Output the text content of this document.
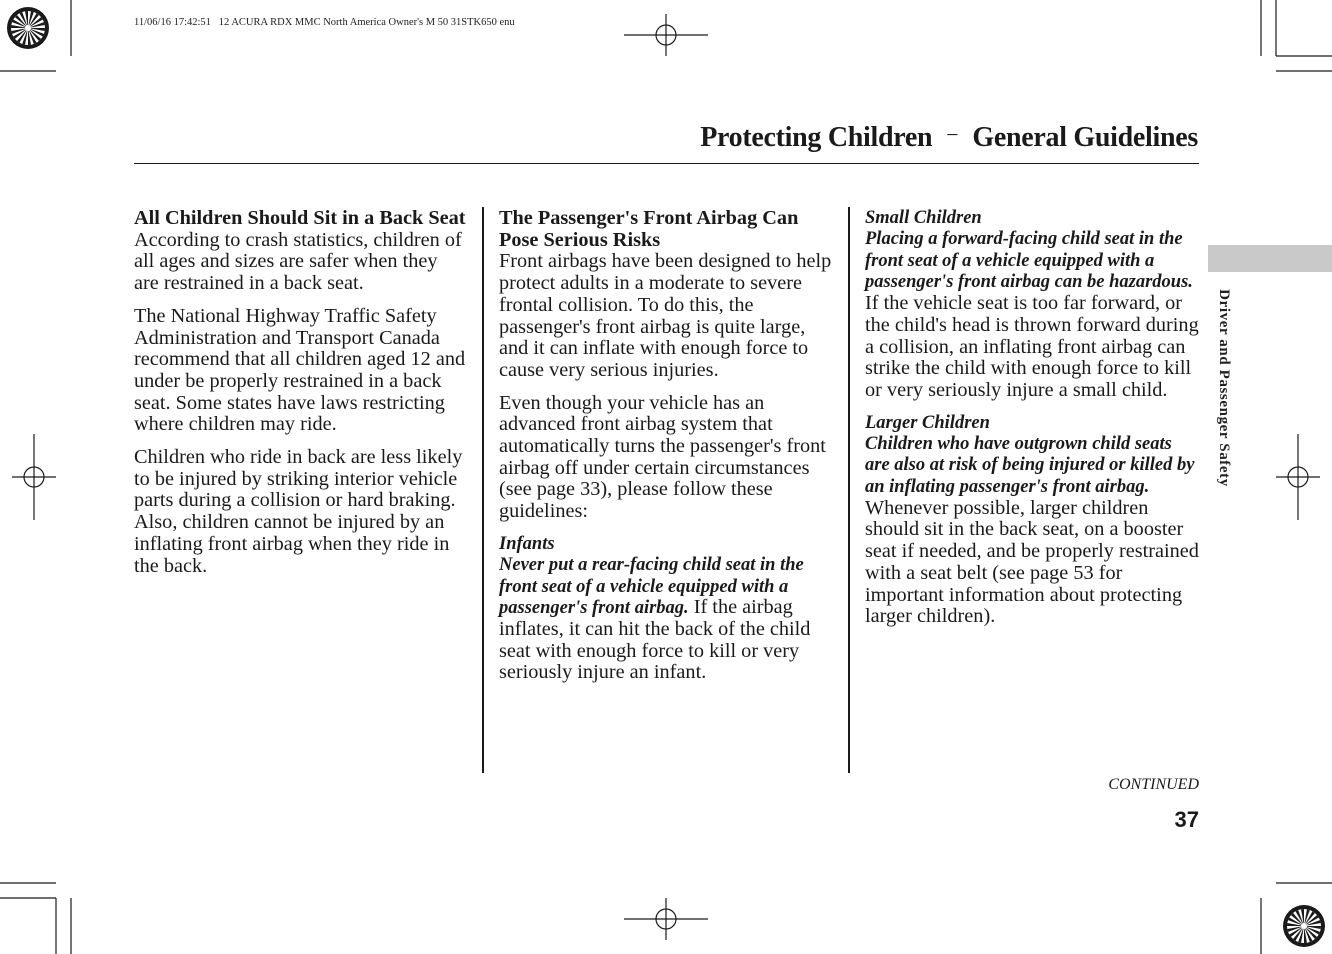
11/06/16 17:42:51   12 ACURA RDX MMC North America Owner's M 50 31STK650 enu
Protecting Children − General Guidelines
Driver and Passenger Safety

All Children Should Sit in a Back Seat
According to crash statistics, children of all ages and sizes are safer when they are restrained in a back seat.

The National Highway Traffic Safety Administration and Transport Canada recommend that all children aged 12 and under be properly restrained in a back seat. Some states have laws restricting where children may ride.

Children who ride in back are less likely to be injured by striking interior vehicle parts during a collision or hard braking. Also, children cannot be injured by an inflating front airbag when they ride in the back.

The Passenger's Front Airbag Can Pose Serious Risks
Front airbags have been designed to help protect adults in a moderate to severe frontal collision. To do this, the passenger's front airbag is quite large, and it can inflate with enough force to cause very serious injuries.

Even though your vehicle has an advanced front airbag system that automatically turns the passenger's front airbag off under certain circumstances (see page 33), please follow these guidelines:

Infants
Never put a rear-facing child seat in the front seat of a vehicle equipped with a passenger's front airbag. If the airbag inflates, it can hit the back of the child seat with enough force to kill or very seriously injure an infant.

Small Children
Placing a forward-facing child seat in the front seat of a vehicle equipped with a passenger's front airbag can be hazardous. If the vehicle seat is too far forward, or the child's head is thrown forward during a collision, an inflating front airbag can strike the child with enough force to kill or very seriously injure a small child.

Larger Children
Children who have outgrown child seats are also at risk of being injured or killed by an inflating passenger's front airbag. Whenever possible, larger children should sit in the back seat, on a booster seat if needed, and be properly restrained with a seat belt (see page 53 for important information about protecting larger children).

CONTINUED
37
